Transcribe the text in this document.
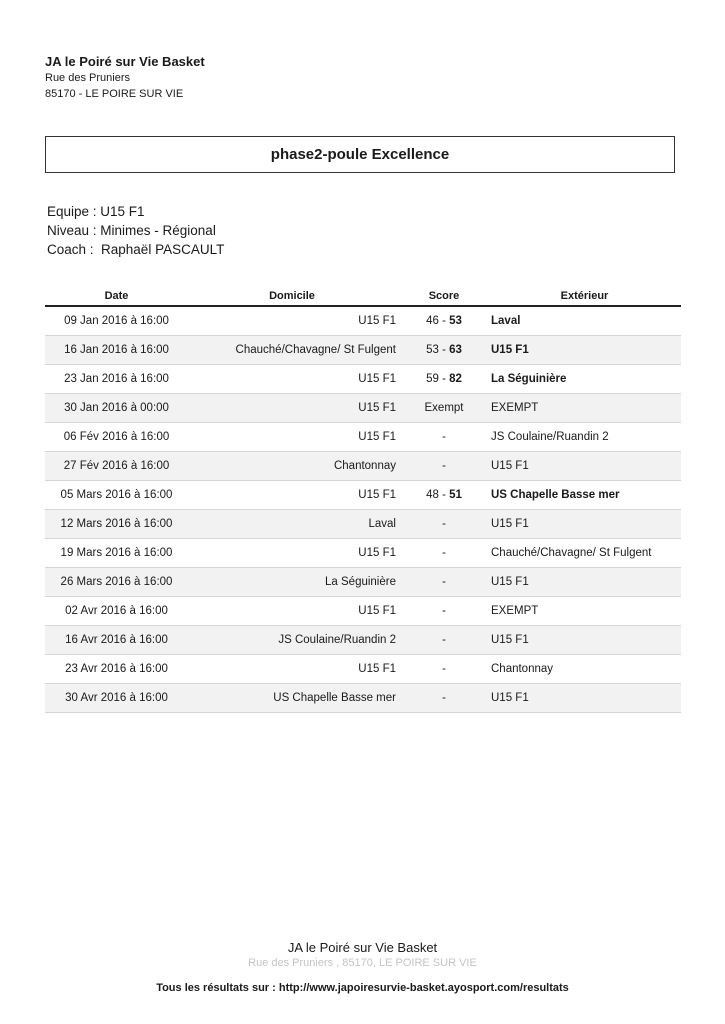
JA le Poiré sur Vie Basket
Rue des Pruniers
85170 - LE POIRE SUR VIE
phase2-poule Excellence
Equipe : U15 F1
Niveau : Minimes - Régional
Coach :  Raphaël PASCAULT
Date	Domicile	Score	Extérieur
09 Jan 2016 à 16:00	U15 F1	46 - 53	Laval
16 Jan 2016 à 16:00	Chauché/Chavagne/ St Fulgent	53 - 63	U15 F1
23 Jan 2016 à 16:00	U15 F1	59 - 82	La Séguinière
30 Jan 2016 à 00:00	U15 F1	Exempt	EXEMPT
06 Fév 2016 à 16:00	U15 F1	-	JS Coulaine/Ruandin 2
27 Fév 2016 à 16:00	Chantonnay	-	U15 F1
05 Mars 2016 à 16:00	U15 F1	48 - 51	US Chapelle Basse mer
12 Mars 2016 à 16:00	Laval	-	U15 F1
19 Mars 2016 à 16:00	U15 F1	-	Chauché/Chavagne/ St Fulgent
26 Mars 2016 à 16:00	La Séguinière	-	U15 F1
02 Avr 2016 à 16:00	U15 F1	-	EXEMPT
16 Avr 2016 à 16:00	JS Coulaine/Ruandin 2	-	U15 F1
23 Avr 2016 à 16:00	U15 F1	-	Chantonnay
30 Avr 2016 à 16:00	US Chapelle Basse mer	-	U15 F1
JA le Poiré sur Vie Basket
Rue des Pruniers , 85170, LE POIRE SUR VIE
Tous les résultats sur : http://www.japoiresurvie-basket.ayosport.com/resultats
